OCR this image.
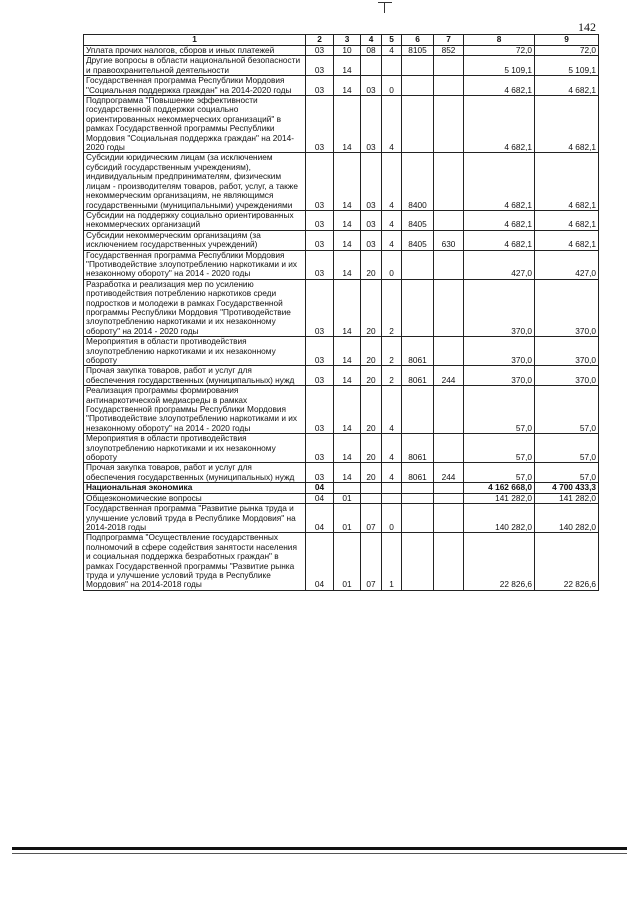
142
1	2	3	4	5	6	7	8	9
Уплата прочих налогов, сборов и иных платежей	03	10	08	4	8105	852	72,0	72,0
Другие вопросы в области национальной безопасности и правоохранительной деятельности	03	14					5 109,1	5 109,1
Государственная программа Республики Мордовия "Социальная поддержка граждан" на 2014-2020 годы	03	14	03	0			4 682,1	4 682,1
Подпрограмма "Повышение эффективности государственной поддержки социально ориентированных некоммерческих организаций" в рамках Государственной программы Республики Мордовия "Социальная поддержка граждан" на 2014-2020 годы	03	14	03	4			4 682,1	4 682,1
Субсидии юридическим лицам (за исключением субсидий государственным учреждениям), индивидуальным предпринимателям, физическим лицам - производителям товаров, работ, услуг, а также некоммерческим организациям, не являющимся государственными (муниципальными) учреждениями	03	14	03	4	8400		4 682,1	4 682,1
Субсидии на поддержку социально ориентированных некоммерческих организаций	03	14	03	4	8405		4 682,1	4 682,1
Субсидии некоммерческим организациям (за исключением государственных учреждений)	03	14	03	4	8405	630	4 682,1	4 682,1
Государственная программа Республики Мордовия "Противодействие злоупотреблению наркотиками и их незаконному обороту" на 2014 - 2020 годы	03	14	20	0			427,0	427,0
Разработка и реализация мер по усилению противодействия потреблению наркотиков среди подростков и молодежи в рамках Государственной программы Республики Мордовия "Противодействие злоупотреблению наркотиками и их незаконному обороту" на 2014 - 2020 годы	03	14	20	2			370,0	370,0
Мероприятия в области противодействия злоупотреблению наркотиками и их незаконному обороту	03	14	20	2	8061		370,0	370,0
Прочая закупка товаров, работ и услуг для обеспечения государственных (муниципальных) нужд	03	14	20	2	8061	244	370,0	370,0
Реализация программы формирования антинаркотической медиасреды в рамках Государственной программы Республики Мордовия "Противодействие злоупотреблению наркотиками и их незаконному обороту" на 2014 - 2020 годы	03	14	20	4			57,0	57,0
Мероприятия в области противодействия злоупотреблению наркотиками и их незаконному обороту	03	14	20	4	8061		57,0	57,0
Прочая закупка товаров, работ и услуг для обеспечения государственных (муниципальных) нужд	03	14	20	4	8061	244	57,0	57,0
Национальная экономика	04						4 162 668,0	4 700 433,3
Общеэкономические вопросы	04	01					141 282,0	141 282,0
Государственная программа "Развитие рынка труда и улучшение условий труда в Республике Мордовия" на 2014-2018 годы	04	01	07	0			140 282,0	140 282,0
Подпрограмма "Осуществление государственных полномочий в сфере содействия занятости населения и социальная поддержка безработных граждан" в рамках Государственной программы "Развитие рынка труда и улучшение условий труда в Республике Мордовия" на 2014-2018 годы	04	01	07	1			22 826,6	22 826,6
